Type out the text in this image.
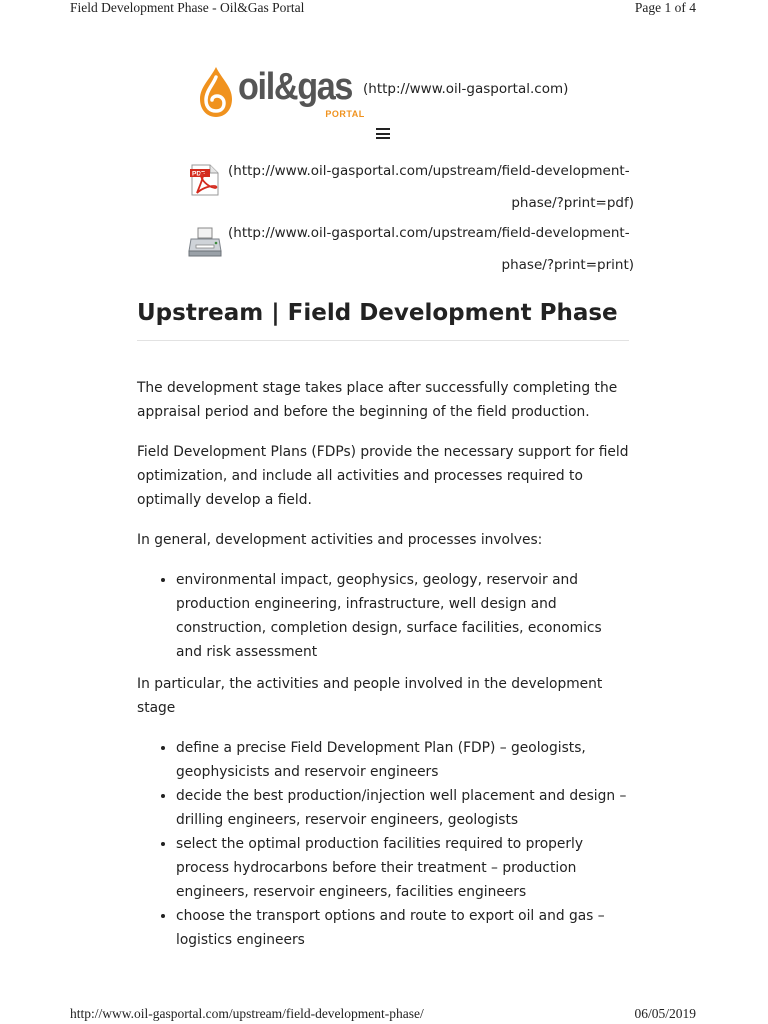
Field Development Phase - Oil&Gas Portal	Page 1 of 4
oil&gas
PORTAL
(http://www.oil-gasportal.com)
PDF (http://www.oil-gasportal.com/upstream/field-development-
phase/?print=pdf)
(http://www.oil-gasportal.com/upstream/field-development-
phase/?print=print)
Upstream | Field Development Phase

The development stage takes place after successfully completing the appraisal period and before the beginning of the field production.

Field Development Plans (FDPs) provide the necessary support for field optimization, and include all activities and processes required to optimally develop a field.

In general, development activities and processes involves:

• environmental impact, geophysics, geology, reservoir and production engineering, infrastructure, well design and construction, completion design, surface facilities, economics and risk assessment

In particular, the activities and people involved in the development stage

• define a precise Field Development Plan (FDP) – geologists, geophysicists and reservoir engineers
• decide the best production/injection well placement and design – drilling engineers, reservoir engineers, geologists
• select the optimal production facilities required to properly process hydrocarbons before their treatment – production engineers, reservoir engineers, facilities engineers
• choose the transport options and route to export oil and gas – logistics engineers
http://www.oil-gasportal.com/upstream/field-development-phase/	06/05/2019
